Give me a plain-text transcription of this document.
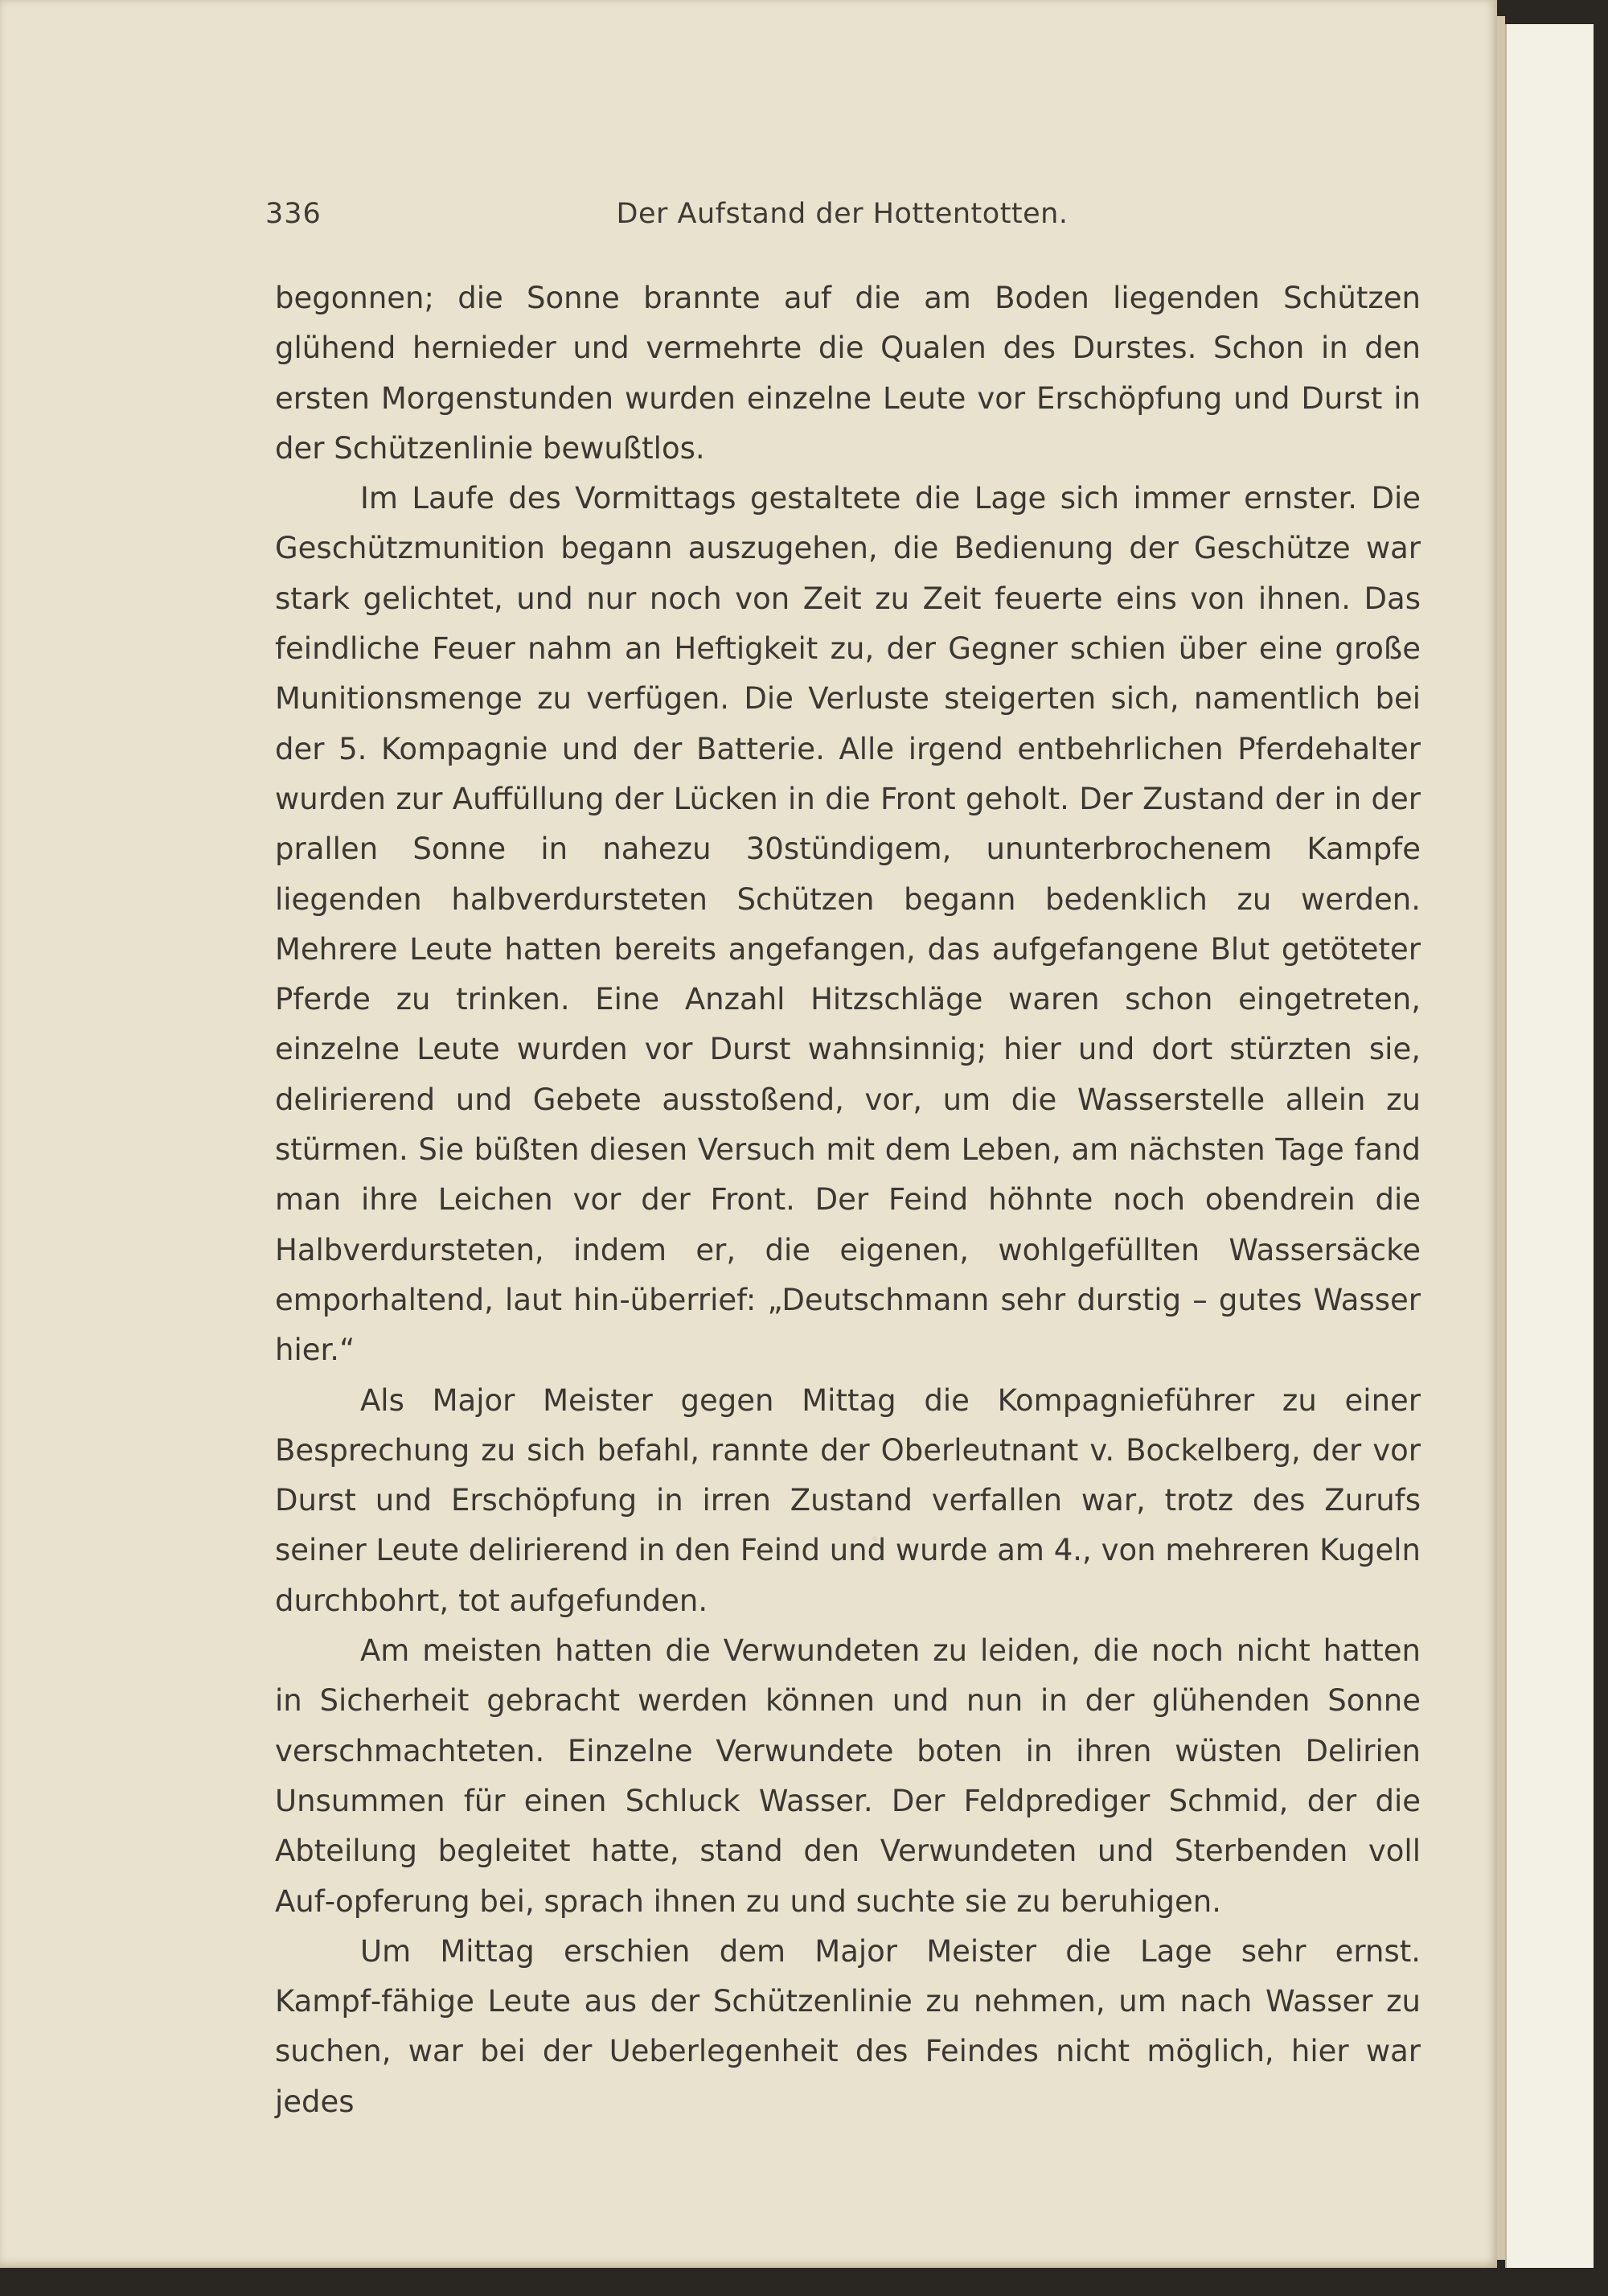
336	Der Aufstand der Hottentotten.

begonnen; die Sonne brannte auf die am Boden liegenden Schützen glühend hernieder und vermehrte die Qualen des Durstes. Schon in den ersten Morgenstunden wurden einzelne Leute vor Erschöpfung und Durst in der Schützenlinie bewußtlos.

Im Laufe des Vormittags gestaltete die Lage sich immer ernster. Die Geschützmunition begann auszugehen, die Bedienung der Geschütze war stark gelichtet, und nur noch von Zeit zu Zeit feuerte eins von ihnen. Das feindliche Feuer nahm an Heftigkeit zu, der Gegner schien über eine große Munitionsmenge zu verfügen. Die Verluste steigerten sich, namentlich bei der 5. Kompagnie und der Batterie. Alle irgend entbehrlichen Pferdehalter wurden zur Auffüllung der Lücken in die Front geholt. Der Zustand der in der prallen Sonne in nahezu 30stündigem, ununterbrochenem Kampfe liegenden halbverdursteten Schützen begann bedenklich zu werden. Mehrere Leute hatten bereits angefangen, das aufgefangene Blut getöteter Pferde zu trinken. Eine Anzahl Hitzschläge waren schon eingetreten, einzelne Leute wurden vor Durst wahnsinnig; hier und dort stürzten sie, delirierend und Gebete ausstoßend, vor, um die Wasserstelle allein zu stürmen. Sie büßten diesen Versuch mit dem Leben, am nächsten Tage fand man ihre Leichen vor der Front. Der Feind höhnte noch obendrein die Halbverdursteten, indem er, die eigenen, wohlgefüllten Wassersäcke emporhaltend, laut hin‑überrief: „Deutschmann sehr durstig – gutes Wasser hier.“

Als Major Meister gegen Mittag die Kompagnieführer zu einer Besprechung zu sich befahl, rannte der Oberleutnant v. Bockelberg, der vor Durst und Erschöpfung in irren Zustand verfallen war, trotz des Zurufs seiner Leute delirierend in den Feind und wurde am 4., von mehreren Kugeln durchbohrt, tot aufgefunden.

Am meisten hatten die Verwundeten zu leiden, die noch nicht hatten in Sicherheit gebracht werden können und nun in der glühenden Sonne verschmachteten. Einzelne Verwundete boten in ihren wüsten Delirien Unsummen für einen Schluck Wasser. Der Feldprediger Schmid, der die Abteilung begleitet hatte, stand den Verwundeten und Sterbenden voll Auf‑opferung bei, sprach ihnen zu und suchte sie zu beruhigen.

Um Mittag erschien dem Major Meister die Lage sehr ernst. Kampf‑fähige Leute aus der Schützenlinie zu nehmen, um nach Wasser zu suchen, war bei der Ueberlegenheit des Feindes nicht möglich, hier war jedes
